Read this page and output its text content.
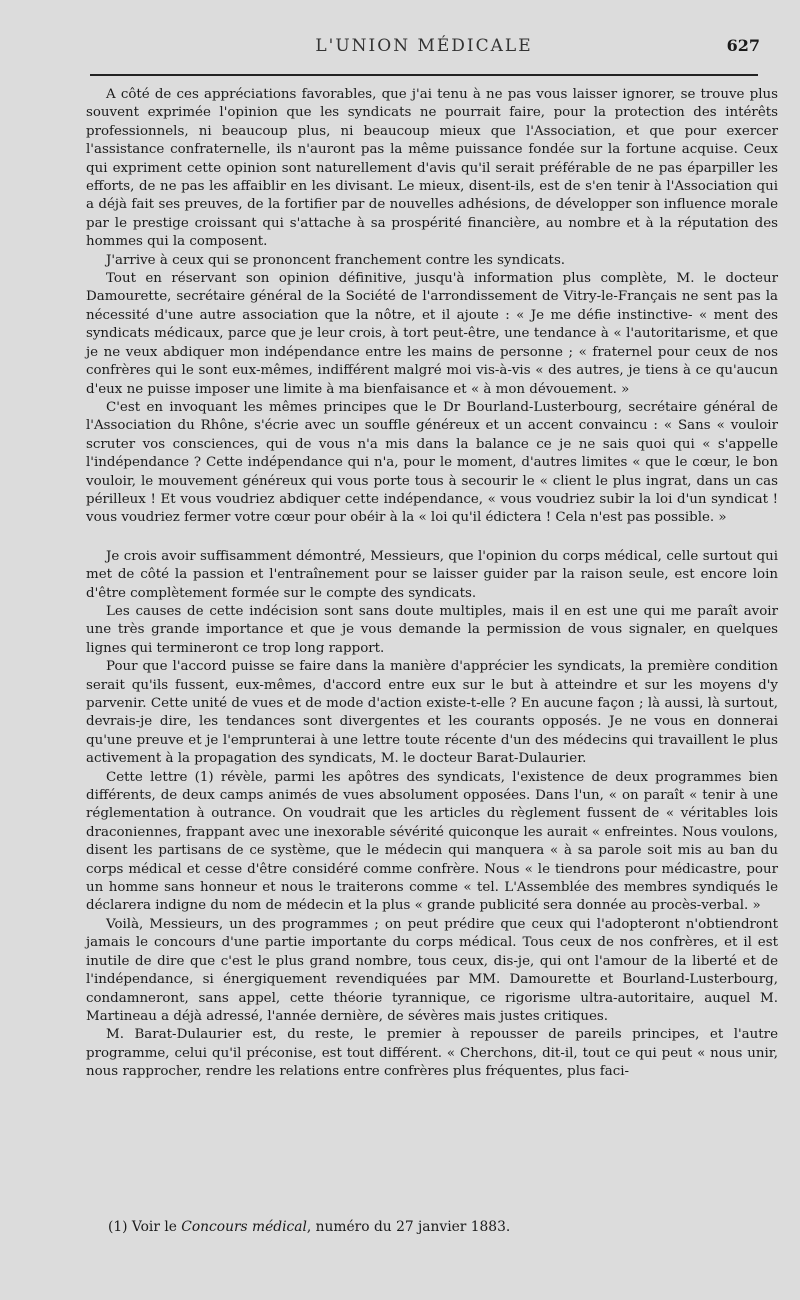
L'UNION MÉDICALE	627

A côté de ces appréciations favorables, que j'ai tenu à ne pas vous laisser ignorer, se trouve plus souvent exprimée l'opinion que les syndicats ne pourrait faire, pour la protection des intérêts professionnels, ni beaucoup plus, ni beaucoup mieux que l'Association, et que pour exercer l'assistance confraternelle, ils n'auront pas la même puissance fondée sur la fortune acquise. Ceux qui expriment cette opinion sont naturellement d'avis qu'il serait préférable de ne pas éparpiller les efforts, de ne pas les affaiblir en les divisant. Le mieux, disent-ils, est de s'en tenir à l'Association qui a déjà fait ses preuves, de la fortifier par de nouvelles adhésions, de développer son influence morale par le prestige croissant qui s'attache à sa prospérité financière, au nombre et à la réputation des hommes qui la composent.

J'arrive à ceux qui se prononcent franchement contre les syndicats.

Tout en réservant son opinion définitive, jusqu'à information plus complète, M. le docteur Damourette, secrétaire général de la Société de l'arrondissement de Vitry-le-Français ne sent pas la nécessité d'une autre association que la nôtre, et il ajoute : « Je me défie instinctive- « ment des syndicats médicaux, parce que je leur crois, à tort peut-être, une tendance à « l'autoritarisme, et que je ne veux abdiquer mon indépendance entre les mains de personne ; « fraternel pour ceux de nos confrères qui le sont eux-mêmes, indifférent malgré moi vis-à-vis « des autres, je tiens à ce qu'aucun d'eux ne puisse imposer une limite à ma bienfaisance et « à mon dévouement. »

C'est en invoquant les mêmes principes que le Dr Bourland-Lusterbourg, secrétaire général de l'Association du Rhône, s'écrie avec un souffle généreux et un accent convaincu : « Sans « vouloir scruter vos consciences, qui de vous n'a mis dans la balance ce je ne sais quoi qui « s'appelle l'indépendance ? Cette indépendance qui n'a, pour le moment, d'autres limites « que le cœur, le bon vouloir, le mouvement généreux qui vous porte tous à secourir le « client le plus ingrat, dans un cas périlleux ! Et vous voudriez abdiquer cette indépendance, « vous voudriez subir la loi d'un syndicat ! vous voudriez fermer votre cœur pour obéir à la « loi qu'il édictera ! Cela n'est pas possible. »

Je crois avoir suffisamment démontré, Messieurs, que l'opinion du corps médical, celle surtout qui met de côté la passion et l'entraînement pour se laisser guider par la raison seule, est encore loin d'être complètement formée sur le compte des syndicats.

Les causes de cette indécision sont sans doute multiples, mais il en est une qui me paraît avoir une très grande importance et que je vous demande la permission de vous signaler, en quelques lignes qui termineront ce trop long rapport.

Pour que l'accord puisse se faire dans la manière d'apprécier les syndicats, la première condition serait qu'ils fussent, eux-mêmes, d'accord entre eux sur le but à atteindre et sur les moyens d'y parvenir. Cette unité de vues et de mode d'action existe-t-elle ? En aucune façon ; là aussi, là surtout, devrais-je dire, les tendances sont divergentes et les courants opposés. Je ne vous en donnerai qu'une preuve et je l'emprunterai à une lettre toute récente d'un des médecins qui travaillent le plus activement à la propagation des syndicats, M. le docteur Barat-Dulaurier.

Cette lettre (1) révèle, parmi les apôtres des syndicats, l'existence de deux programmes bien différents, de deux camps animés de vues absolument opposées. Dans l'un, « on paraît « tenir à une réglementation à outrance. On voudrait que les articles du règlement fussent de « véritables lois draconiennes, frappant avec une inexorable sévérité quiconque les aurait « enfreintes. Nous voulons, disent les partisans de ce système, que le médecin qui manquera « à sa parole soit mis au ban du corps médical et cesse d'être considéré comme confrère. Nous « le tiendrons pour médicastre, pour un homme sans honneur et nous le traiterons comme « tel. L'Assemblée des membres syndiqués le déclarera indigne du nom de médecin et la plus « grande publicité sera donnée au procès-verbal. »

Voilà, Messieurs, un des programmes ; on peut prédire que ceux qui l'adopteront n'obtiendront jamais le concours d'une partie importante du corps médical. Tous ceux de nos confrères, et il est inutile de dire que c'est le plus grand nombre, tous ceux, dis-je, qui ont l'amour de la liberté et de l'indépendance, si énergiquement revendiquées par MM. Damourette et Bourland-Lusterbourg, condamneront, sans appel, cette théorie tyrannique, ce rigorisme ultra-autoritaire, auquel M. Martineau a déjà adressé, l'année dernière, de sévères mais justes critiques.

M. Barat-Dulaurier est, du reste, le premier à repousser de pareils principes, et l'autre programme, celui qu'il préconise, est tout différent. « Cherchons, dit-il, tout ce qui peut « nous unir, nous rapprocher, rendre les relations entre confrères plus fréquentes, plus faci-

(1) Voir le Concours médical, numéro du 27 janvier 1883.
